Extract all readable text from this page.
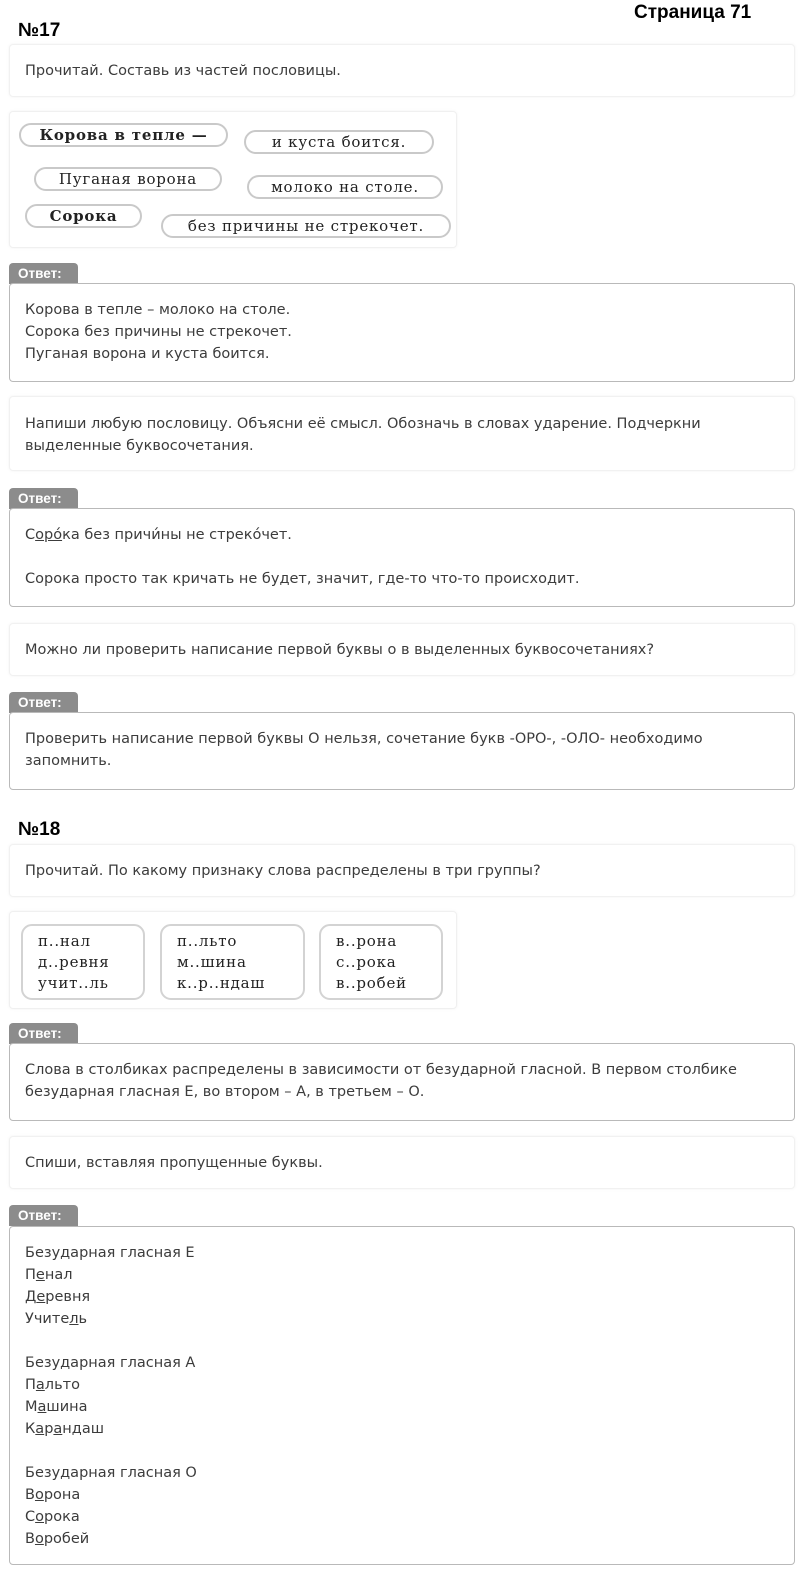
Страница 71
№17
Прочитай. Составь из частей пословицы.
Корова в тепле —	и куста боится.
Пуганая ворона	молоко на столе.
Сорока
без причины не стрекочет.
Ответ:
Корова в тепле – молоко на столе.
Сорока без причины не стрекочет.
Пуганая ворона и куста боится.
Напиши любую пословицу. Объясни её смысл. Обозначь в словах ударение. Подчеркни выделенные буквосочетания.
Ответ:
Соро́ка без причи́ны не стреко́чет.
Сорока просто так кричать не будет, значит, где-то что-то происходит.
Можно ли проверить написание первой буквы о в выделенных буквосочетаниях?
Ответ:
Проверить написание первой буквы О нельзя, сочетание букв -ОРО-, -ОЛО- необходимо запомнить.
№18
Прочитай. По какому признаку слова распределены в три группы?
п..нал
д..ревня
учит..ль
п..льто
м..шина
к..р..ндаш
в..рона
с..рока
в..робей
Ответ:
Слова в столбиках распределены в зависимости от безударной гласной. В первом столбике безударная гласная Е, во втором – А, в третьем – О.
Спиши, вставляя пропущенные буквы.
Ответ:
Безударная гласная Е
Пенал
Деревня
Учитель
Безударная гласная А
Пальто
Машина
Карандаш
Безударная гласная О
Ворона
Сорока
Воробей
